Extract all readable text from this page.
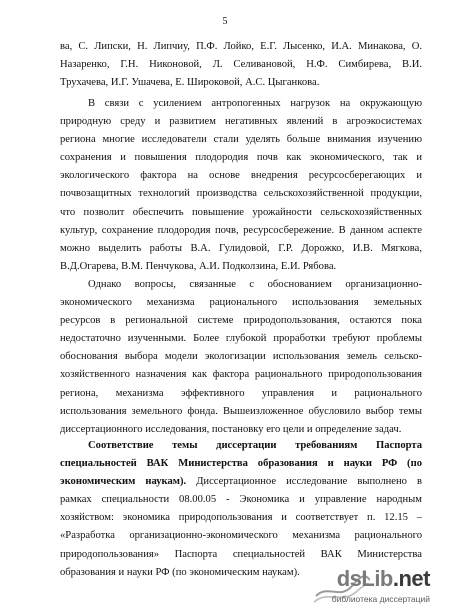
5

ва, С. Липски, Н. Липчиу, П.Ф. Лойко, Е.Г. Лысенко, И.А. Минакова, О.

Назаренко, Г.Н. Никоновой, Л. Селивановой, Н.Ф. Симбирева, В.И.

Трухачева, И.Г. Ушачева, Е. Широковой, А.С. Цыганкова.

В связи с усилением антропогенных нагрузок на окружающую

природную среду и развитием негативных явлений в агроэкосистемах

региона многие исследователи стали уделять больше внимания изучению

сохранения и повышения плодородия почв как экономического, так и

экологического фактора на основе внедрения ресурсосберегающих и

почвозащитных технологий производства сельскохозяйственной продукции,

что позволит обеспечить повышение урожайности сельскохозяйственных

культур, сохранение плодородия почв, ресурсосбережение. В данном аспекте

можно выделить работы В.А. Гулидовой, Г.Р. Дорожко, И.В. Мягкова,

В.Д.Огарева, В.М. Пенчукова, А.И. Подколзина, Е.И. Рябова.

Однако вопросы, связанные с обоснованием организационно-

экономического механизма рационального использования земельных

ресурсов в региональной системе природопользования, остаются пока

недостаточно изученными. Более глубокой проработки требуют проблемы

обоснования выбора модели экологизации использования земель сельско-

хозяйственного назначения как фактора рационального природопользования

региона, механизма эффективного управления и рационального

использования земельного фонда. Вышеизложенное обусловило выбор темы

диссертационного исследования, постановку его цели и определение задач.

Соответствие темы диссертации требованиям Паспорта

специальностей ВАК Министерства образования и науки РФ (по

экономическим наукам). Диссертационное исследование выполнено в

рамках специальности 08.00.05 - Экономика и управление народным

хозяйством: экономика природопользования и соответствует п. 12.15 –

«Разработка организационно-экономического механизма рационального

природопользования» Паспорта специальностей ВАК Министерства

образования и науки РФ (по экономическим наукам).	dsLib.net
библиотека диссертаций
